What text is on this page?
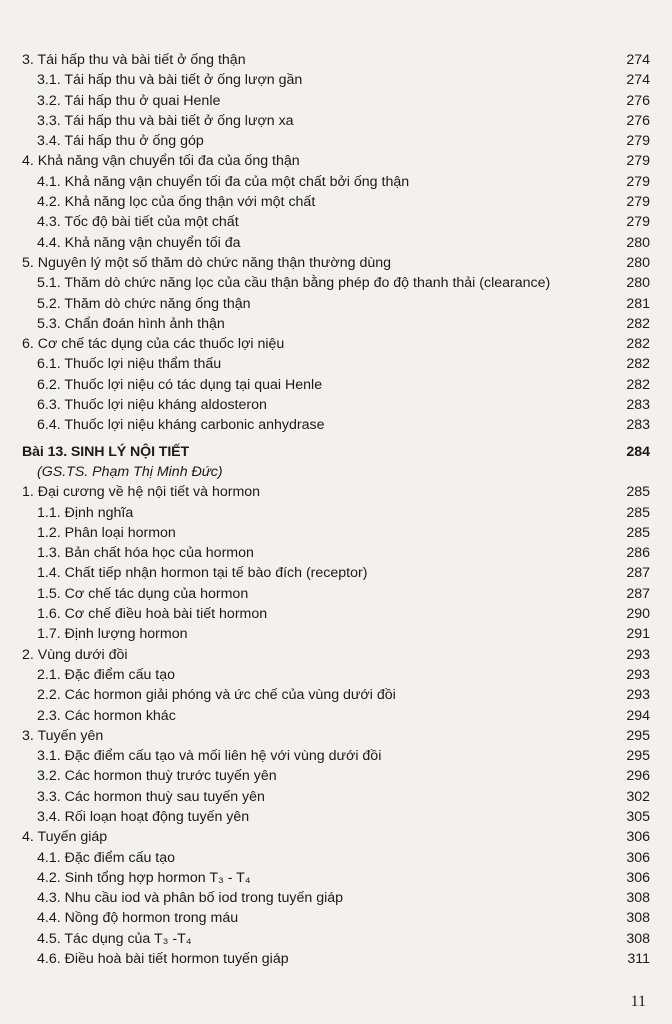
3. Tái hấp thu và bài tiết ở ống thận	274
3.1. Tái hấp thu và bài tiết ở ống lượn gần	274
3.2. Tái hấp thu ở quai Henle	276
3.3. Tái hấp thu và bài tiết ở ống lượn xa	276
3.4. Tái hấp thu ở ống góp	279
4. Khả năng vận chuyển tối đa của ống thận	279
4.1. Khả năng vận chuyển tối đa của một chất bởi ống thận	279
4.2. Khả năng lọc của ống thận với một chất	279
4.3. Tốc độ bài tiết của một chất	279
4.4. Khả năng vận chuyển tối đa	280
5. Nguyên lý một số thăm dò chức năng thận thường dùng	280
5.1. Thăm dò chức năng lọc của cầu thận bằng phép đo độ thanh thải (clearance)	280
5.2. Thăm dò chức năng ống thận	281
5.3. Chẩn đoán hình ảnh thận	282
6. Cơ chế tác dụng của các thuốc lợi niệu	282
6.1. Thuốc lợi niệu thẩm thấu	282
6.2. Thuốc lợi niệu có tác dụng tại quai Henle	282
6.3. Thuốc lợi niệu kháng aldosteron	283
6.4. Thuốc lợi niệu kháng carbonic anhydrase	283
Bài 13. SINH LÝ NỘI TIẾT	284
(GS.TS. Phạm Thị Minh Đức)
1. Đại cương về hệ nội tiết và hormon	285
1.1. Định nghĩa	285
1.2. Phân loại hormon	285
1.3. Bản chất hóa học của hormon	286
1.4. Chất tiếp nhận hormon tại tế bào đích (receptor)	287
1.5. Cơ chế tác dụng của hormon	287
1.6. Cơ chế điều hoà bài tiết hormon	290
1.7. Định lượng hormon	291
2. Vùng dưới đồi	293
2.1. Đặc điểm cấu tạo	293
2.2. Các hormon giải phóng và ức chế của vùng dưới đồi	293
2.3. Các hormon khác	294
3. Tuyến yên	295
3.1. Đặc điểm cấu tạo và mối liên hệ với vùng dưới đồi	295
3.2. Các hormon thuỳ trước tuyến yên	296
3.3. Các hormon thuỳ sau tuyến yên	302
3.4. Rối loạn hoạt động tuyến yên	305
4. Tuyến giáp	306
4.1. Đặc điểm cấu tạo	306
4.2. Sinh tổng hợp hormon T₃ - T₄	306
4.3. Nhu cầu iod và phân bố iod trong tuyến giáp	308
4.4. Nồng độ hormon trong máu	308
4.5. Tác dụng của T₃ -T₄	308
4.6. Điều hoà bài tiết hormon tuyến giáp	311
11
